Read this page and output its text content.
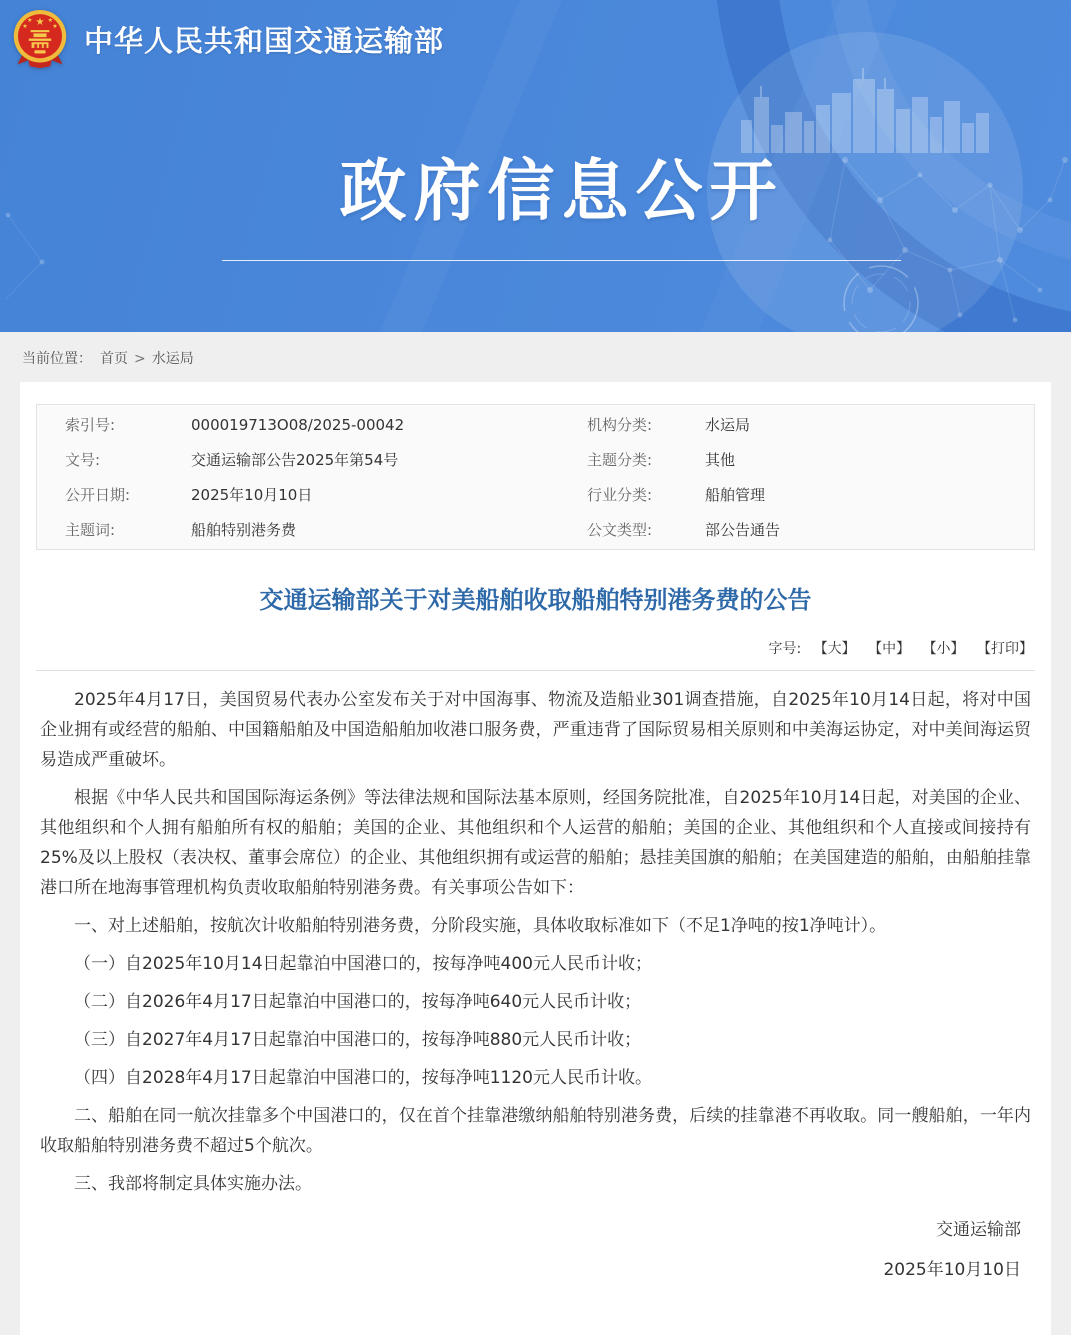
★
★ ★
★	★ 中华人民共和国交通运输部
政府信息公开
当前位置： 首页 > 水运局
索引号:	000019713O08/2025-00042	机构分类:	水运局
文号:	交通运输部公告2025年第54号	主题分类:	其他
公开日期:	2025年10月10日	行业分类:	船舶管理
主题词:	船舶特别港务费	公文类型:	部公告通告
交通运输部关于对美船舶收取船舶特别港务费的公告
字号: 【大】 【中】 【小】 【打印】

2025年4月17日，美国贸易代表办公室发布关于对中国海事、物流及造船业301调查措施，自2025年10月14日起，将对中国企业拥有或经营的船舶、中国籍船舶及中国造船舶加收港口服务费，严重违背了国际贸易相关原则和中美海运协定，对中美间海运贸易造成严重破坏。

根据《中华人民共和国国际海运条例》等法律法规和国际法基本原则，经国务院批准，自2025年10月14日起，对美国的企业、其他组织和个人拥有船舶所有权的船舶；美国的企业、其他组织和个人运营的船舶；美国的企业、其他组织和个人直接或间接持有25%及以上股权（表决权、董事会席位）的企业、其他组织拥有或运营的船舶；悬挂美国旗的船舶；在美国建造的船舶，由船舶挂靠港口所在地海事管理机构负责收取船舶特别港务费。有关事项公告如下：

一、对上述船舶，按航次计收船舶特别港务费，分阶段实施，具体收取标准如下（不足1净吨的按1净吨计）。

（一）自2025年10月14日起靠泊中国港口的，按每净吨400元人民币计收；

（二）自2026年4月17日起靠泊中国港口的，按每净吨640元人民币计收；

（三）自2027年4月17日起靠泊中国港口的，按每净吨880元人民币计收；

（四）自2028年4月17日起靠泊中国港口的，按每净吨1120元人民币计收。

二、船舶在同一航次挂靠多个中国港口的，仅在首个挂靠港缴纳船舶特别港务费，后续的挂靠港不再收取。同一艘船舶，一年内收取船舶特别港务费不超过5个航次。

三、我部将制定具体实施办法。

交通运输部

2025年10月10日
